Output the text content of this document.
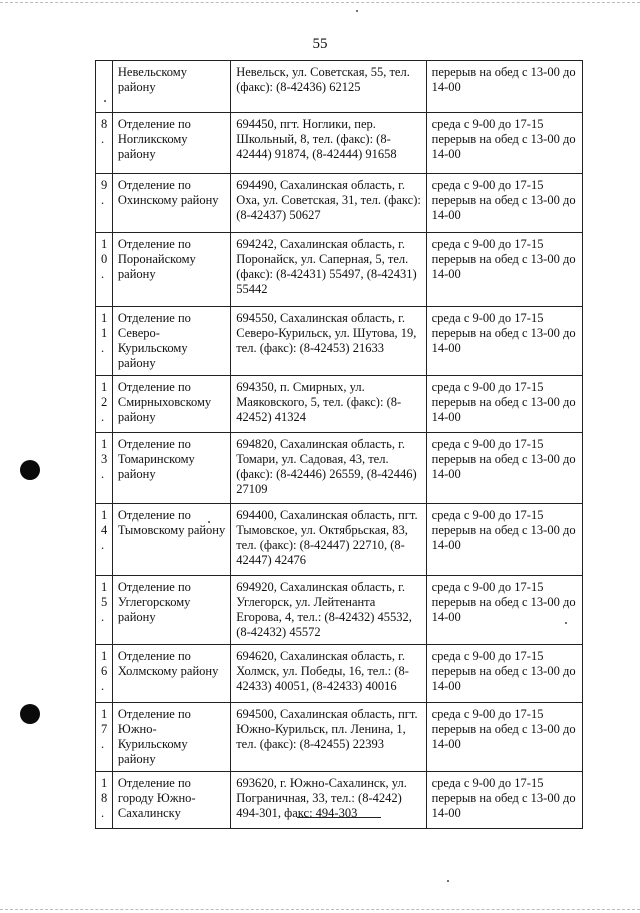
55
	Невельскому району	Невельск, ул. Советская, 55, тел. (факс): (8-42436) 62125	перерыв на обед с 13-00 до 14-00
8.	Отделение по Ногликскому району	694450, пгт. Ноглики, пер. Школьный, 8, тел. (факс): (8-42444) 91874, (8-42444) 91658	среда с 9-00 до 17-15 перерыв на обед с 13-00 до 14-00
9.	Отделение по Охинскому району	694490, Сахалинская область, г. Оха, ул. Советская, 31, тел. (факс): (8-42437) 50627	среда с 9-00 до 17-15 перерыв на обед с 13-00 до 14-00
10.	Отделение по Поронайскому району	694242, Сахалинская область, г. Поронайск, ул. Саперная, 5, тел. (факс): (8-42431) 55497, (8-42431) 55442	среда с 9-00 до 17-15 перерыв на обед с 13-00 до 14-00
11.	Отделение по Северо-Курильскому району	694550, Сахалинская область, г. Северо-Курильск, ул. Шутова, 19, тел. (факс): (8-42453) 21633	среда с 9-00 до 17-15 перерыв на обед с 13-00 до 14-00
12.	Отделение по Смирныховскому району	694350, п. Смирных, ул. Маяковского, 5, тел. (факс): (8-42452) 41324	среда с 9-00 до 17-15 перерыв на обед с 13-00 до 14-00
13.	Отделение по Томаринскому району	694820, Сахалинская область, г. Томари, ул. Садовая, 43, тел. (факс): (8-42446) 26559, (8-42446) 27109	среда с 9-00 до 17-15 перерыв на обед с 13-00 до 14-00
14.	Отделение по Тымовскому району	694400, Сахалинская область, пгт. Тымовское, ул. Октябрьская, 83, тел. (факс): (8-42447) 22710, (8-42447) 42476	среда с 9-00 до 17-15 перерыв на обед с 13-00 до 14-00
15.	Отделение по Углегорскому району	694920, Сахалинская область, г. Углегорск, ул. Лейтенанта Егорова, 4, тел.: (8-42432) 45532, (8-42432) 45572	среда с 9-00 до 17-15 перерыв на обед с 13-00 до 14-00
16.	Отделение по Холмскому району	694620, Сахалинская область, г. Холмск, ул. Победы, 16, тел.: (8-42433) 40051, (8-42433) 40016	среда с 9-00 до 17-15 перерыв на обед с 13-00 до 14-00
17.	Отделение по Южно-Курильскому району	694500, Сахалинская область, пгт. Южно-Курильск, пл. Ленина, 1, тел. (факс): (8-42455) 22393	среда с 9-00 до 17-15 перерыв на обед с 13-00 до 14-00
18.	Отделение по городу Южно-Сахалинску	693620, г. Южно-Сахалинск, ул. Пограничная, 33, тел.: (8-4242) 494-301, факс: 494-303	среда с 9-00 до 17-15 перерыв на обед с 13-00 до 14-00
